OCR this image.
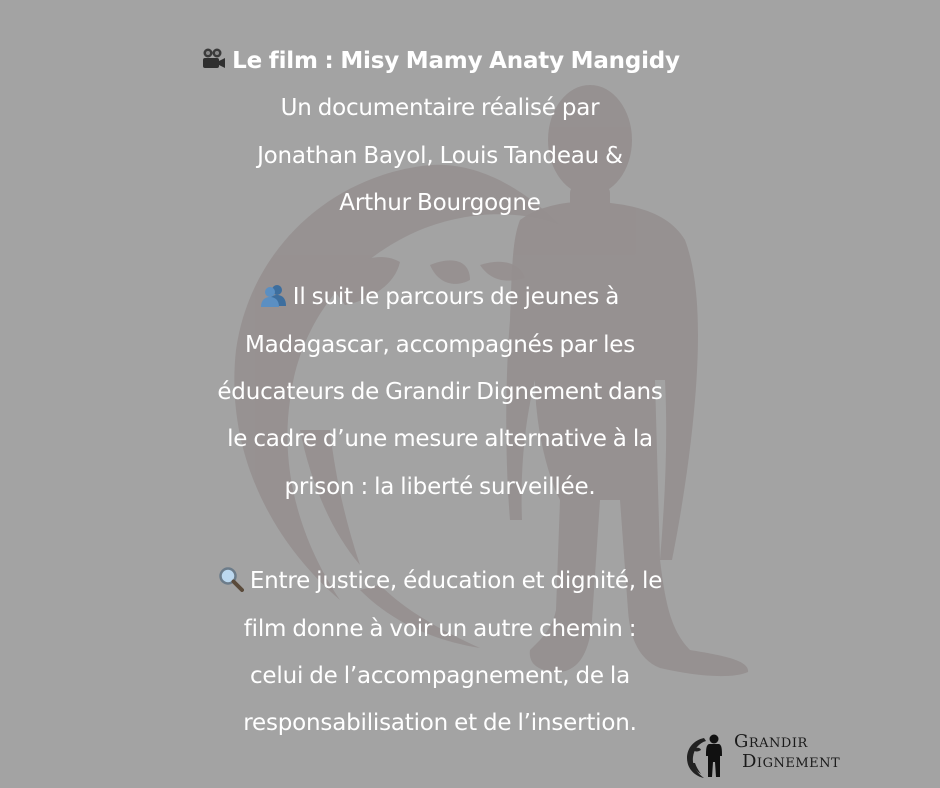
Le film : Misy Mamy Anaty Mangidy
Un documentaire réalisé par
Jonathan Bayol, Louis Tandeau &
Arthur Bourgogne
Il suit le parcours de jeunes à
Madagascar, accompagnés par les
éducateurs de Grandir Dignement dans
le cadre d’une mesure alternative à la
prison : la liberté surveillée.
Entre justice, éducation et dignité, le
film donne à voir un autre chemin :
celui de l’accompagnement, de la
responsabilisation et de l’insertion.
Grandir
Dignement
